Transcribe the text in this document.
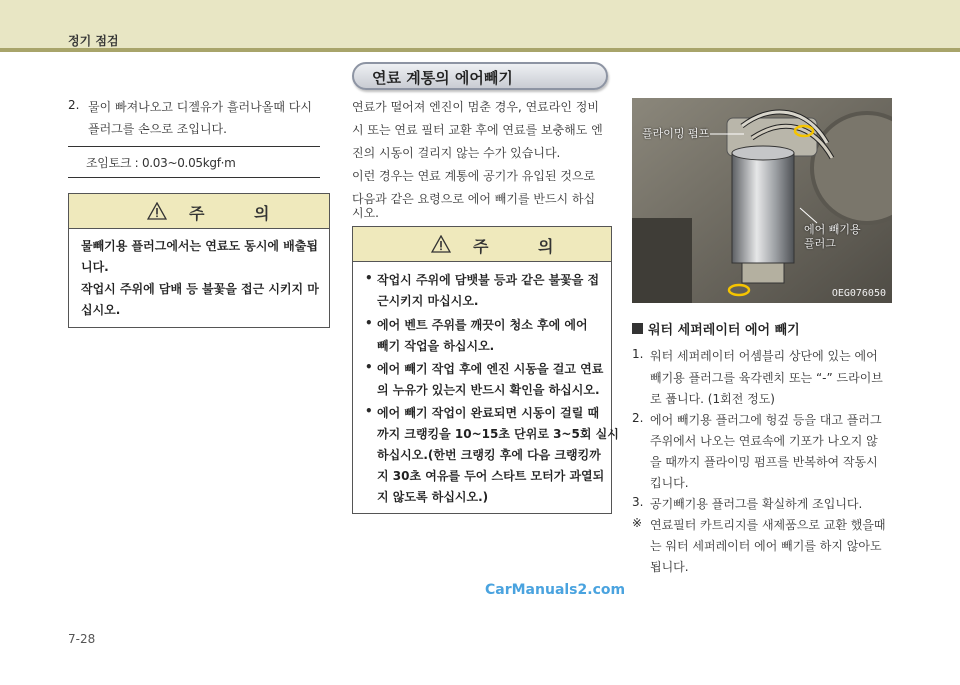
정기 점검
연료 계통의 에어빼기
2. 물이 빠져나오고 디젤유가 흘러나올때 다시
플러그를 손으로 조입니다.
조임토크 : 0.03~0.05kgf·m
주 의
물빼기용 플러그에서는 연료도 동시에 배출됩
니다.
작업시 주위에 담배 등 불꽃을 접근 시키지 마
십시오.
연료가 떨어져 엔진이 멈춘 경우, 연료라인 정비
시 또는 연료 필터 교환 후에 연료를 보충해도 엔
진의 시동이 걸리지 않는 수가 있습니다.
이런 경우는 연료 계통에 공기가 유입된 것으로
다음과 같은 요령으로 에어 빼기를 반드시 하십
시오.
주 의
• 작업시 주위에 담뱃불 등과 같은 불꽃을 접
근시키지 마십시오.
• 에어 벤트 주위를 깨끗이 청소 후에 에어
빼기 작업을 하십시오.
• 에어 빼기 작업 후에 엔진 시동을 걸고 연료
의 누유가 있는지 반드시 확인을 하십시오.
• 에어 빼기 작업이 완료되면 시동이 걸릴 때
까지 크랭킹을 10~15초 단위로 3~5회 실시
하십시오.(한번 크랭킹 후에 다음 크랭킹까
지 30초 여유를 두어 스타트 모터가 과열되
지 않도록 하십시오.)
플라이밍 펌프
에어 빼기용
플러그
OEG076050
워터 세퍼레이터 에어 빼기
1. 워터 세퍼레이터 어셈블리 상단에 있는 에어
빼기용 플러그를 육각렌치 또는 “-” 드라이브
로 풉니다. (1회전 정도)
2. 에어 빼기용 플러그에 헝겊 등을 대고 플러그
주위에서 나오는 연료속에 기포가 나오지 않
을 때까지 플라이밍 펌프를 반복하여 작동시
킵니다.
3. 공기빼기용 플러그를 확실하게 조입니다.
※ 연료필터 카트리지를 새제품으로 교환 했을때
는 워터 세퍼레이터 에어 빼기를 하지 않아도
됩니다.
CarManuals2.com
7-28
